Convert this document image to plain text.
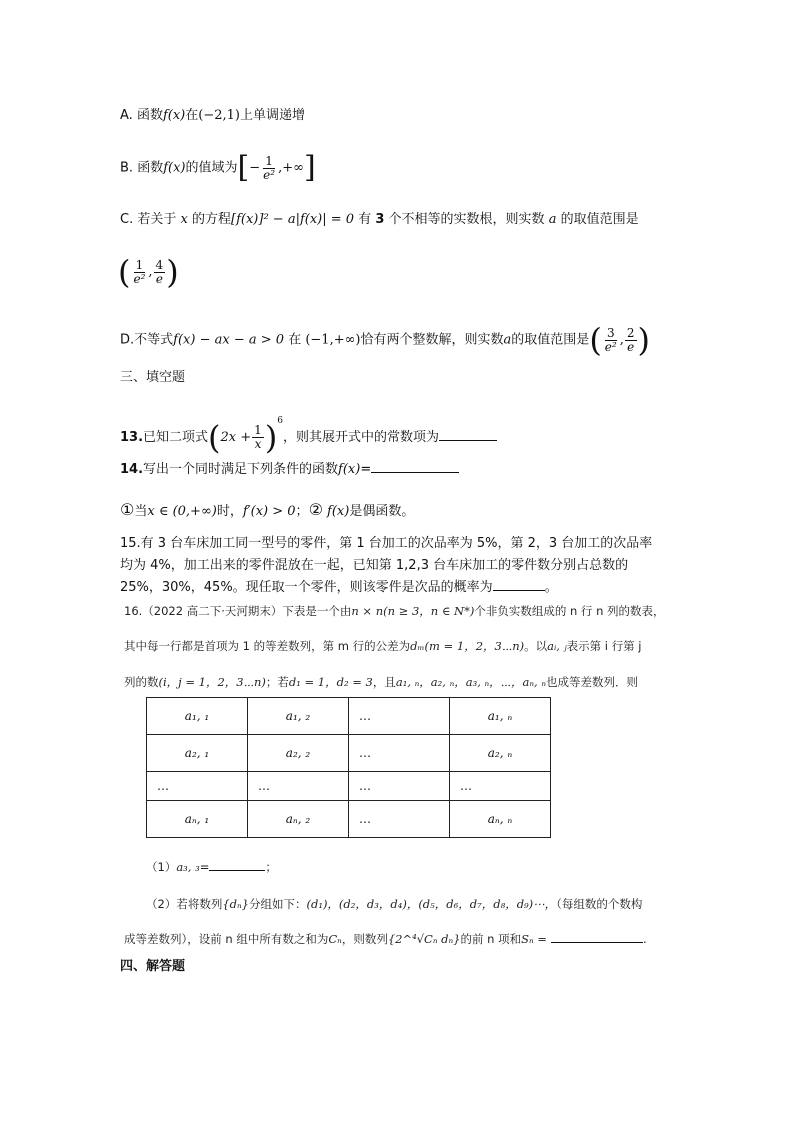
A. 函数f(x)在(−2,1)上单调递增
B. 函数f(x)的值域为[− $\frac{1}{\text{e²}}$ ,+∞]
C. 若关于 x 的方程[f(x)]² − a|f(x)| = 0 有 3 个不相等的实数根，则实数 a 的取值范围是
( $\frac{1}{\text{e²}}$ , $\frac{4}{e}$ )
D.不等式f(x) − ax − a > 0 在 (−1,+∞)恰有两个整数解，则实数a的取值范围是( $\frac{3}{\text{e²}}$ , $\frac{2}{e}$ )
三、填空题
13.已知二项式$(2x + \frac{1}{x} )^6$，则其展开式中的常数项为
14.写出一个同时满足下列条件的函数f(x)=
①当x ∈ (0,+∞)时，f′(x) > 0；② f(x)是偶函数。
15.有 3 台车床加工同一型号的零件，第 1 台加工的次品率为 5%，第 2，3 台加工的次品率
均为 4%，加工出来的零件混放在一起，已知第 1,2,3 台车床加工的零件数分别占总数的
25%，30%，45%。现任取一个零件，则该零件是次品的概率为	。
16.（2022 高二下·天河期末）下表是一个由n × n(n ≥ 3，n ∈ N*)个非负实数组成的 n 行 n 列的数表，
其中每一行都是首项为 1 的等差数列，第 m 行的公差为dₘ(m = 1，2，3⋯n)。以aᵢ, ⱼ表示第 i 行第 j
列的数(i，j = 1，2，3⋯n)；若d₁ = 1，d₂ = 3，且a₁, ₙ，a₂, ₙ，a₃, ₙ，⋯，aₙ, ₙ也成等差数列．则
a₁, ₁	a₁, ₂	…	a₁, ₙ
a₂, ₁	a₂, ₂	…	a₂, ₙ
…	…	…	…
aₙ, ₁	aₙ, ₂	…	aₙ, ₙ
（1）a₃, ₃=	；
（2）若将数列{dₙ}分组如下：(d₁)，(d₂，d₃，d₄)，(d₅，d₆，d₇，d₈，d₉)⋯，（每组数的个数构
成等差数列），设前 n 组中所有数之和为Cₙ，则数列{2^⁴√Cₙ dₙ}的前 n 项和Sₙ =	.
四、解答题
